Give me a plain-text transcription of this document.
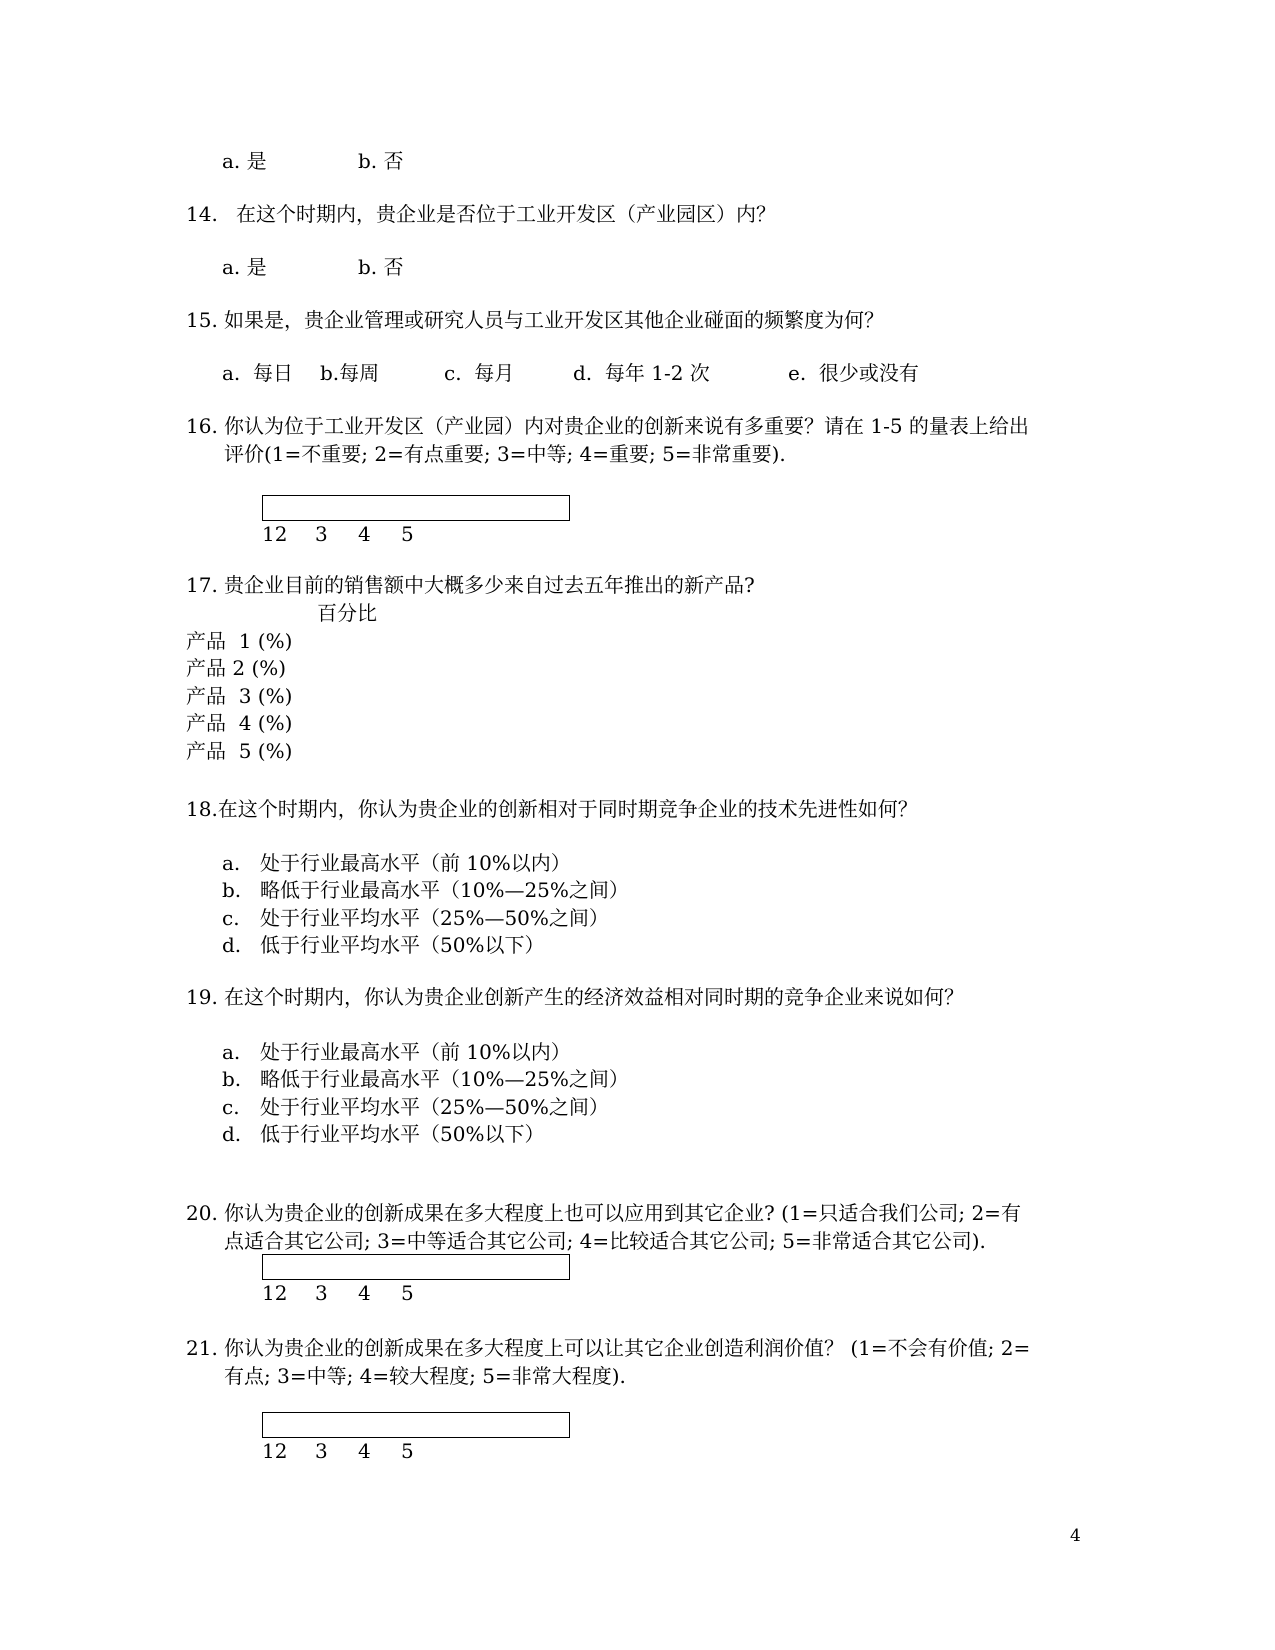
a. 是	b. 否
14. 在这个时期内，贵企业是否位于工业开发区（产业园区）内？
a. 是	b. 否
15. 如果是，贵企业管理或研究人员与工业开发区其他企业碰面的频繁度为何？
a.  每日 b.每周	c.  每月	d.  每年 1-2 次	e.  很少或没有
16. 你认为位于工业开发区（产业园）内对贵企业的创新来说有多重要？请在 1-5 的量表上给出
评价(1=不重要; 2=有点重要; 3=中等; 4=重要; 5=非常重要).
12 3 4 5
17. 贵企业目前的销售额中大概多少来自过去五年推出的新产品?
百分比
产品  1 (%)
产品 2 (%)
产品  3 (%)
产品  4 (%)
产品  5 (%)
18.在这个时期内，你认为贵企业的创新相对于同时期竞争企业的技术先进性如何？
a. 处于行业最高水平（前 10%以内）
b. 略低于行业最高水平（10%—25%之间）
c. 处于行业平均水平（25%—50%之间）
d. 低于行业平均水平（50%以下）
19. 在这个时期内，你认为贵企业创新产生的经济效益相对同时期的竞争企业来说如何？
a. 处于行业最高水平（前 10%以内）
b. 略低于行业最高水平（10%—25%之间）
c. 处于行业平均水平（25%—50%之间）
d. 低于行业平均水平（50%以下）
20. 你认为贵企业的创新成果在多大程度上也可以应用到其它企业? (1=只适合我们公司; 2=有
点适合其它公司; 3=中等适合其它公司; 4=比较适合其它公司; 5=非常适合其它公司).
12 3 4 5
21. 你认为贵企业的创新成果在多大程度上可以让其它企业创造利润价值？ (1=不会有价值; 2=
有点; 3=中等; 4=较大程度; 5=非常大程度).
12 3 4 5
4
